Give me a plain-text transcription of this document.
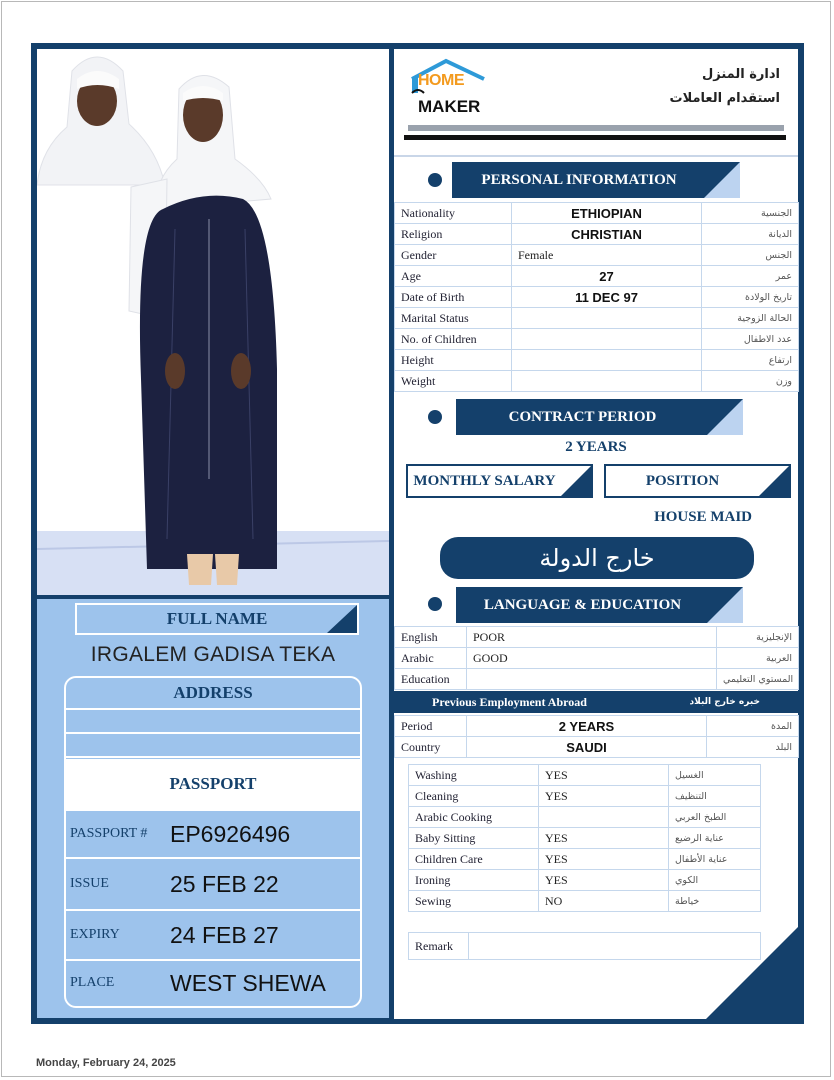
FULL NAME
IRGALEM GADISA TEKA
ADDRESS
PASSPORT
PASSPORT # EP6926496
ISSUE	25 FEB 22
EXPIRY	24 FEB 27
PLACE	WEST SHEWA
HOME
MAKER
ادارة المنزل
استقدام العاملات
PERSONAL INFORMATION
Nationality	ETHIOPIAN	الجنسية
Religion	CHRISTIAN	الديانة
Gender	Female	الجنس
Age	27	عمر
Date of Birth	11 DEC 97	تاريخ الولادة
Marital Status		الحالة الزوجية
No. of Children		عدد الاطفال
Height		ارتفاع
Weight		وزن
CONTRACT PERIOD
2 YEARS
MONTHLY SALARY	POSITION
HOUSE MAID
خارج الدولة
LANGUAGE & EDUCATION
English	POOR	الإنجليزية
Arabic	GOOD	العربية
Education		المستوي التعليمي
Previous Employment Abroad	خبره خارج البلاد
Period	2 YEARS	المدة
Country	SAUDI	البلد
Washing	YES	الغسيل
Cleaning	YES	التنظيف
Arabic Cooking		الطبخ العربي
Baby Sitting	YES	عناية الرضيع
Children Care	YES	عناية الأطفال
Ironing	YES	الكوي
Sewing	NO	خياطة
Remark	
Monday, February 24, 2025
